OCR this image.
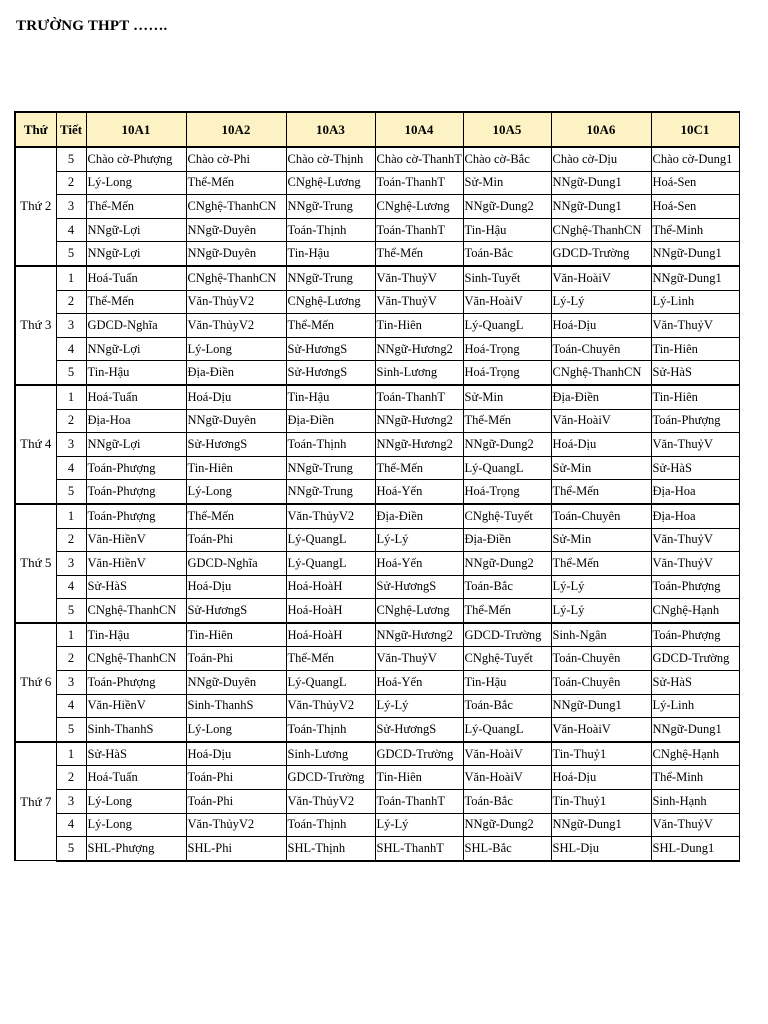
TRƯỜNG THPT …….
Thứ	Tiết	10A1	10A2	10A3	10A4	10A5	10A6	10C1
Thứ 2	5	Chào cờ-Phượng	Chào cờ-Phi	Chào cờ-Thịnh	Chào cờ-ThanhT	Chào cờ-Bắc	Chào cờ-Dịu	Chào cờ-Dung1
	2	Lý-Long	Thể-Mến	CNghệ-Lương	Toán-ThanhT	Sử-Min	NNgữ-Dung1	Hoá-Sen
	3	Thể-Mến	CNghệ-ThanhCN	NNgữ-Trung	CNghệ-Lương	NNgữ-Dung2	NNgữ-Dung1	Hoá-Sen
	4	NNgữ-Lợi	NNgữ-Duyên	Toán-Thịnh	Toán-ThanhT	Tin-Hậu	CNghệ-ThanhCN	Thể-Minh
	5	NNgữ-Lợi	NNgữ-Duyên	Tin-Hậu	Thể-Mến	Toán-Bắc	GDCD-Trường	NNgữ-Dung1
Thứ 3	1	Hoá-Tuấn	CNghệ-ThanhCN	NNgữ-Trung	Văn-ThuỷV	Sinh-Tuyết	Văn-HoàiV	NNgữ-Dung1
	2	Thể-Mến	Văn-ThủyV2	CNghệ-Lương	Văn-ThuỷV	Văn-HoàiV	Lý-Lý	Lý-Linh
	3	GDCD-Nghĩa	Văn-ThủyV2	Thể-Mến	Tin-Hiên	Lý-QuangL	Hoá-Dịu	Văn-ThuỷV
	4	NNgữ-Lợi	Lý-Long	Sử-HươngS	NNgữ-Hương2	Hoá-Trọng	Toán-Chuyên	Tin-Hiên
	5	Tin-Hậu	Địa-Điền	Sử-HươngS	Sinh-Lương	Hoá-Trọng	CNghệ-ThanhCN	Sử-HàS
Thứ 4	1	Hoá-Tuấn	Hoá-Dịu	Tin-Hậu	Toán-ThanhT	Sử-Min	Địa-Điền	Tin-Hiên
	2	Địa-Hoa	NNgữ-Duyên	Địa-Điền	NNgữ-Hương2	Thể-Mến	Văn-HoàiV	Toán-Phượng
	3	NNgữ-Lợi	Sử-HươngS	Toán-Thịnh	NNgữ-Hương2	NNgữ-Dung2	Hoá-Dịu	Văn-ThuỷV
	4	Toán-Phượng	Tin-Hiên	NNgữ-Trung	Thể-Mến	Lý-QuangL	Sử-Min	Sử-HàS
	5	Toán-Phượng	Lý-Long	NNgữ-Trung	Hoá-Yến	Hoá-Trọng	Thể-Mến	Địa-Hoa
Thứ 5	1	Toán-Phượng	Thể-Mến	Văn-ThủyV2	Địa-Điền	CNghệ-Tuyết	Toán-Chuyên	Địa-Hoa
	2	Văn-HiềnV	Toán-Phi	Lý-QuangL	Lý-Lý	Địa-Điền	Sử-Min	Văn-ThuỷV
	3	Văn-HiềnV	GDCD-Nghĩa	Lý-QuangL	Hoá-Yến	NNgữ-Dung2	Thể-Mến	Văn-ThuỷV
	4	Sử-HàS	Hoá-Dịu	Hoá-HoàH	Sử-HươngS	Toán-Bắc	Lý-Lý	Toán-Phượng
	5	CNghệ-ThanhCN	Sử-HươngS	Hoá-HoàH	CNghệ-Lương	Thể-Mến	Lý-Lý	CNghệ-Hạnh
Thứ 6	1	Tin-Hậu	Tin-Hiên	Hoá-HoàH	NNgữ-Hương2	GDCD-Trường	Sinh-Ngân	Toán-Phượng
	2	CNghệ-ThanhCN	Toán-Phi	Thể-Mến	Văn-ThuỷV	CNghệ-Tuyết	Toán-Chuyên	GDCD-Trường
	3	Toán-Phượng	NNgữ-Duyên	Lý-QuangL	Hoá-Yến	Tin-Hậu	Toán-Chuyên	Sử-HàS
	4	Văn-HiềnV	Sinh-ThanhS	Văn-ThủyV2	Lý-Lý	Toán-Bắc	NNgữ-Dung1	Lý-Linh
	5	Sinh-ThanhS	Lý-Long	Toán-Thịnh	Sử-HươngS	Lý-QuangL	Văn-HoàiV	NNgữ-Dung1
Thứ 7	1	Sử-HàS	Hoá-Dịu	Sinh-Lương	GDCD-Trường	Văn-HoàiV	Tin-Thuỷ1	CNghệ-Hạnh
	2	Hoá-Tuấn	Toán-Phi	GDCD-Trường	Tin-Hiên	Văn-HoàiV	Hoá-Dịu	Thể-Minh
	3	Lý-Long	Toán-Phi	Văn-ThủyV2	Toán-ThanhT	Toán-Bắc	Tin-Thuỷ1	Sinh-Hạnh
	4	Lý-Long	Văn-ThủyV2	Toán-Thịnh	Lý-Lý	NNgữ-Dung2	NNgữ-Dung1	Văn-ThuỷV
	5	SHL-Phượng	SHL-Phi	SHL-Thịnh	SHL-ThanhT	SHL-Bắc	SHL-Dịu	SHL-Dung1
